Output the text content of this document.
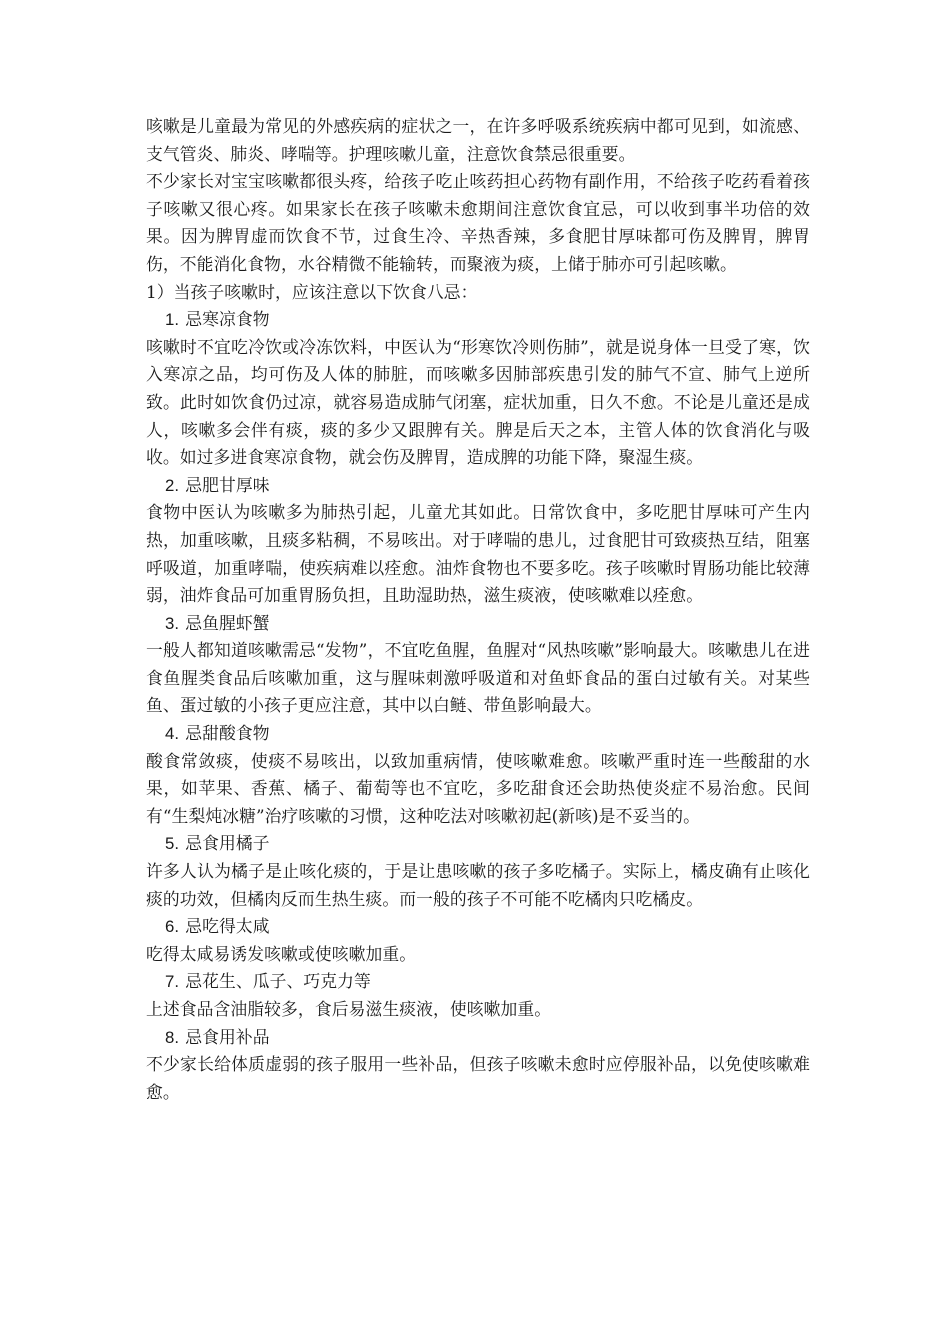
咳嗽是儿童最为常见的外感疾病的症状之一，在许多呼吸系统疾病中都可见到，如流感、支气管炎、肺炎、哮喘等。护理咳嗽儿童，注意饮食禁忌很重要。

不少家长对宝宝咳嗽都很头疼，给孩子吃止咳药担心药物有副作用，不给孩子吃药看着孩子咳嗽又很心疼。如果家长在孩子咳嗽未愈期间注意饮食宜忌，可以收到事半功倍的效果。因为脾胃虚而饮食不节，过食生冷、辛热香辣，多食肥甘厚味都可伤及脾胃，脾胃伤，不能消化食物，水谷精微不能输转，而聚液为痰，上储于肺亦可引起咳嗽。

1）当孩子咳嗽时，应该注意以下饮食八忌：

1. 忌寒凉食物

咳嗽时不宜吃冷饮或冷冻饮料，中医认为“形寒饮冷则伤肺”，就是说身体一旦受了寒，饮入寒凉之品，均可伤及人体的肺脏，而咳嗽多因肺部疾患引发的肺气不宣、肺气上逆所致。此时如饮食仍过凉，就容易造成肺气闭塞，症状加重，日久不愈。不论是儿童还是成人，咳嗽多会伴有痰，痰的多少又跟脾有关。脾是后天之本，主管人体的饮食消化与吸收。如过多进食寒凉食物，就会伤及脾胃，造成脾的功能下降，聚湿生痰。

2. 忌肥甘厚味

食物中医认为咳嗽多为肺热引起，儿童尤其如此。日常饮食中，多吃肥甘厚味可产生内热，加重咳嗽，且痰多粘稠，不易咳出。对于哮喘的患儿，过食肥甘可致痰热互结，阻塞呼吸道，加重哮喘，使疾病难以痊愈。油炸食物也不要多吃。孩子咳嗽时胃肠功能比较薄弱，油炸食品可加重胃肠负担，且助湿助热，滋生痰液，使咳嗽难以痊愈。

3. 忌鱼腥虾蟹

一般人都知道咳嗽需忌“发物”，不宜吃鱼腥，鱼腥对“风热咳嗽”影响最大。咳嗽患儿在进食鱼腥类食品后咳嗽加重，这与腥味刺激呼吸道和对鱼虾食品的蛋白过敏有关。对某些鱼、蛋过敏的小孩子更应注意，其中以白鲢、带鱼影响最大。

4. 忌甜酸食物

酸食常敛痰，使痰不易咳出，以致加重病情，使咳嗽难愈。咳嗽严重时连一些酸甜的水果，如苹果、香蕉、橘子、葡萄等也不宜吃，多吃甜食还会助热使炎症不易治愈。民间有“生梨炖冰糖”治疗咳嗽的习惯，这种吃法对咳嗽初起(新咳)是不妥当的。

5. 忌食用橘子

许多人认为橘子是止咳化痰的，于是让患咳嗽的孩子多吃橘子。实际上，橘皮确有止咳化痰的功效，但橘肉反而生热生痰。而一般的孩子不可能不吃橘肉只吃橘皮。

6. 忌吃得太咸

吃得太咸易诱发咳嗽或使咳嗽加重。

7. 忌花生、瓜子、巧克力等

上述食品含油脂较多，食后易滋生痰液，使咳嗽加重。

8. 忌食用补品

不少家长给体质虚弱的孩子服用一些补品，但孩子咳嗽未愈时应停服补品，以免使咳嗽难愈。
